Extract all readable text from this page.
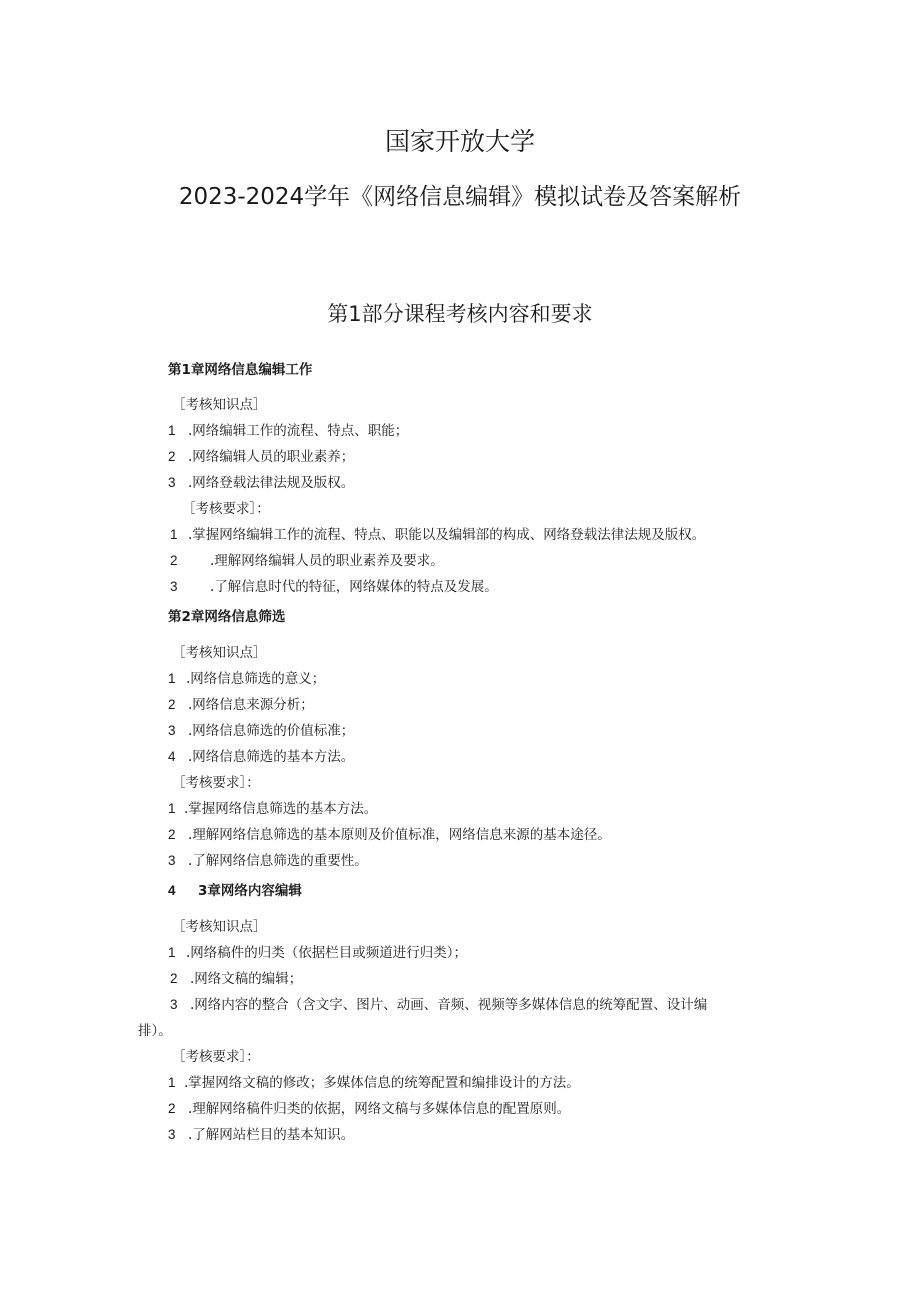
国家开放大学
2023-2024学年《网络信息编辑》模拟试卷及答案解析
第1部分课程考核内容和要求
第1章网络信息编辑工作
［考核知识点］
1 .网络编辑工作的流程、特点、职能；
2 .网络编辑人员的职业素养；
3 .网络登载法律法规及版权。
［考核要求］：
1 .掌握网络编辑工作的流程、特点、职能以及编辑部的构成、网络登载法律法规及版权。
2 .理解网络编辑人员的职业素养及要求。
3 .了解信息时代的特征，网络媒体的特点及发展。
第2章网络信息筛选
［考核知识点］
1 .网络信息筛选的意义；
2 .网络信息来源分析；
3 .网络信息筛选的价值标准；
4 .网络信息筛选的基本方法。
［考核要求］：
1 .掌握网络信息筛选的基本方法。
2 .理解网络信息筛选的基本原则及价值标准，网络信息来源的基本途径。
3 .了解网络信息筛选的重要性。
4 3章网络内容编辑
［考核知识点］
1 .网络稿件的归类（依据栏目或频道进行归类）；
2 .网络文稿的编辑；
3 .网络内容的整合（含文字、图片、动画、音频、视频等多媒体信息的统筹配置、设计编
排）。
［考核要求］：
1 .掌握网络文稿的修改；多媒体信息的统筹配置和编排设计的方法。
2 .理解网络稿件归类的依据，网络文稿与多媒体信息的配置原则。
3 .了解网站栏目的基本知识。
